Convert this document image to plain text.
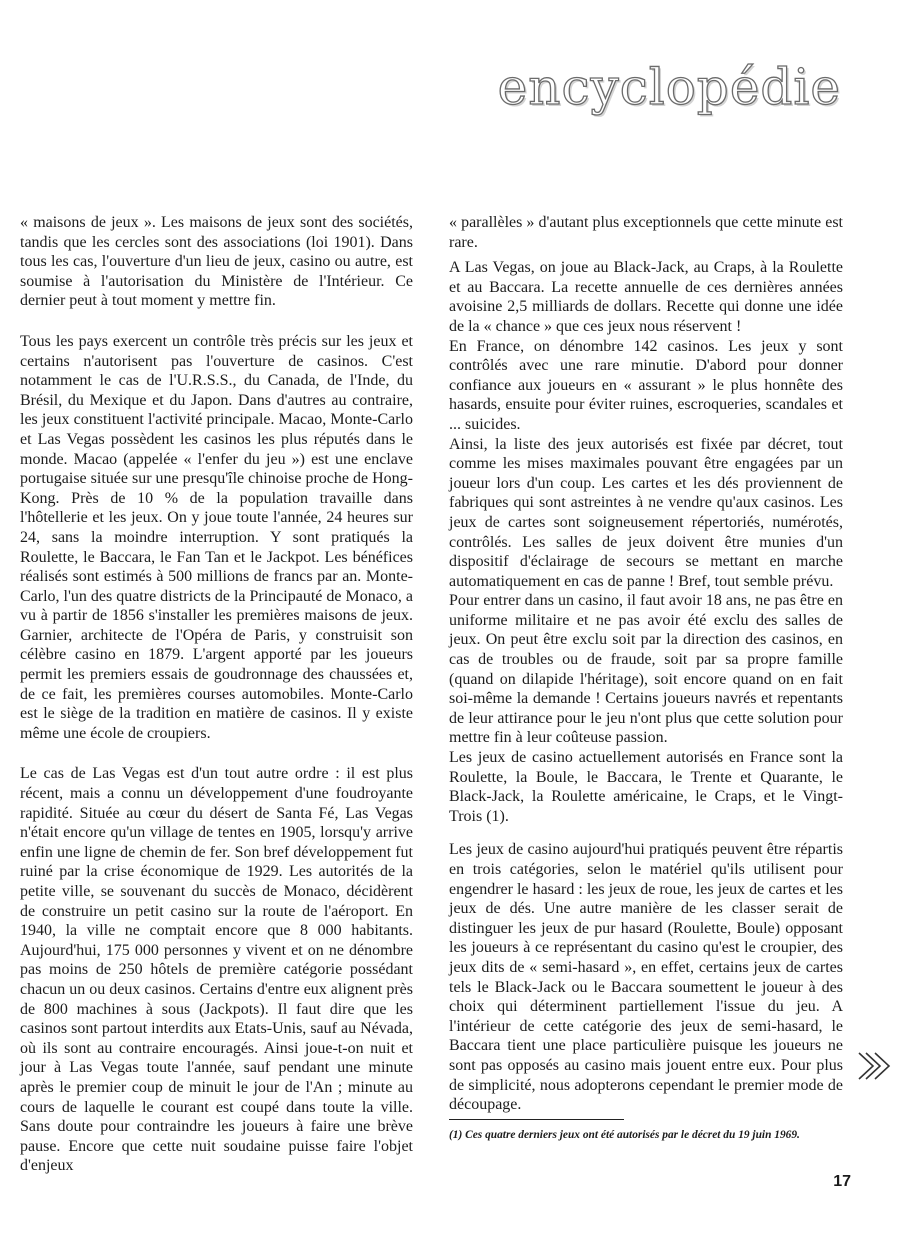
encyclopédie

« maisons de jeux ». Les maisons de jeux sont des sociétés, tandis que les cercles sont des associations (loi 1901). Dans tous les cas, l'ouverture d'un lieu de jeux, casino ou autre, est soumise à l'autorisation du Ministère de l'Intérieur. Ce dernier peut à tout moment y mettre fin.

Tous les pays exercent un contrôle très précis sur les jeux et certains n'autorisent pas l'ouverture de casinos. C'est notamment le cas de l'U.R.S.S., du Canada, de l'Inde, du Brésil, du Mexique et du Japon. Dans d'autres au contraire, les jeux constituent l'activité principale. Macao, Monte-Carlo et Las Vegas possèdent les casinos les plus réputés dans le monde. Macao (appelée « l'enfer du jeu ») est une enclave portugaise située sur une presqu'île chinoise proche de Hong-Kong. Près de 10 % de la population travaille dans l'hôtellerie et les jeux. On y joue toute l'année, 24 heures sur 24, sans la moindre interruption. Y sont pratiqués la Roulette, le Baccara, le Fan Tan et le Jackpot. Les bénéfices réalisés sont estimés à 500 millions de francs par an. Monte-Carlo, l'un des quatre districts de la Principauté de Monaco, a vu à partir de 1856 s'installer les premières maisons de jeux. Garnier, architecte de l'Opéra de Paris, y construisit son célèbre casino en 1879. L'argent apporté par les joueurs permit les premiers essais de goudronnage des chaussées et, de ce fait, les premières courses automobiles. Monte-Carlo est le siège de la tradition en matière de casinos. Il y existe même une école de croupiers.

Le cas de Las Vegas est d'un tout autre ordre : il est plus récent, mais a connu un développement d'une foudroyante rapidité. Située au cœur du désert de Santa Fé, Las Vegas n'était encore qu'un village de tentes en 1905, lorsqu'y arrive enfin une ligne de chemin de fer. Son bref développement fut ruiné par la crise économique de 1929. Les autorités de la petite ville, se souvenant du succès de Monaco, décidèrent de construire un petit casino sur la route de l'aéroport. En 1940, la ville ne comptait encore que 8 000 habitants. Aujourd'hui, 175 000 personnes y vivent et on ne dénombre pas moins de 250 hôtels de première catégorie possédant chacun un ou deux casinos. Certains d'entre eux alignent près de 800 machines à sous (Jackpots). Il faut dire que les casinos sont partout interdits aux Etats-Unis, sauf au Névada, où ils sont au contraire encouragés. Ainsi joue-t-on nuit et jour à Las Vegas toute l'année, sauf pendant une minute après le premier coup de minuit le jour de l'An ; minute au cours de laquelle le courant est coupé dans toute la ville. Sans doute pour contraindre les joueurs à faire une brève pause. Encore que cette nuit soudaine puisse faire l'objet d'enjeux

« parallèles » d'autant plus exceptionnels que cette minute est rare.

A Las Vegas, on joue au Black-Jack, au Craps, à la Roulette et au Baccara. La recette annuelle de ces dernières années avoisine 2,5 milliards de dollars. Recette qui donne une idée de la « chance » que ces jeux nous réservent !

En France, on dénombre 142 casinos. Les jeux y sont contrôlés avec une rare minutie. D'abord pour donner confiance aux joueurs en « assurant » le plus honnête des hasards, ensuite pour éviter ruines, escroqueries, scandales et ... suicides.

Ainsi, la liste des jeux autorisés est fixée par décret, tout comme les mises maximales pouvant être engagées par un joueur lors d'un coup. Les cartes et les dés proviennent de fabriques qui sont astreintes à ne vendre qu'aux casinos. Les jeux de cartes sont soigneusement répertoriés, numérotés, contrôlés. Les salles de jeux doivent être munies d'un dispositif d'éclairage de secours se mettant en marche automatiquement en cas de panne ! Bref, tout semble prévu.

Pour entrer dans un casino, il faut avoir 18 ans, ne pas être en uniforme militaire et ne pas avoir été exclu des salles de jeux. On peut être exclu soit par la direction des casinos, en cas de troubles ou de fraude, soit par sa propre famille (quand on dilapide l'héritage), soit encore quand on en fait soi-même la demande ! Certains joueurs navrés et repentants de leur attirance pour le jeu n'ont plus que cette solution pour mettre fin à leur coûteuse passion.

Les jeux de casino actuellement autorisés en France sont la Roulette, la Boule, le Baccara, le Trente et Quarante, le Black-Jack, la Roulette américaine, le Craps, et le Vingt-Trois (1).

Les jeux de casino aujourd'hui pratiqués peuvent être répartis en trois catégories, selon le matériel qu'ils utilisent pour engendrer le hasard : les jeux de roue, les jeux de cartes et les jeux de dés. Une autre manière de les classer serait de distinguer les jeux de pur hasard (Roulette, Boule) opposant les joueurs à ce représentant du casino qu'est le croupier, des jeux dits de « semi-hasard », en effet, certains jeux de cartes tels le Black-Jack ou le Baccara soumettent le joueur à des choix qui déterminent partiellement l'issue du jeu. A l'intérieur de cette catégorie des jeux de semi-hasard, le Baccara tient une place particulière puisque les joueurs ne sont pas opposés au casino mais jouent entre eux. Pour plus de simplicité, nous adopterons cependant le premier mode de découpage.

(1) Ces quatre derniers jeux ont été autorisés par le décret du 19 juin 1969.
17
